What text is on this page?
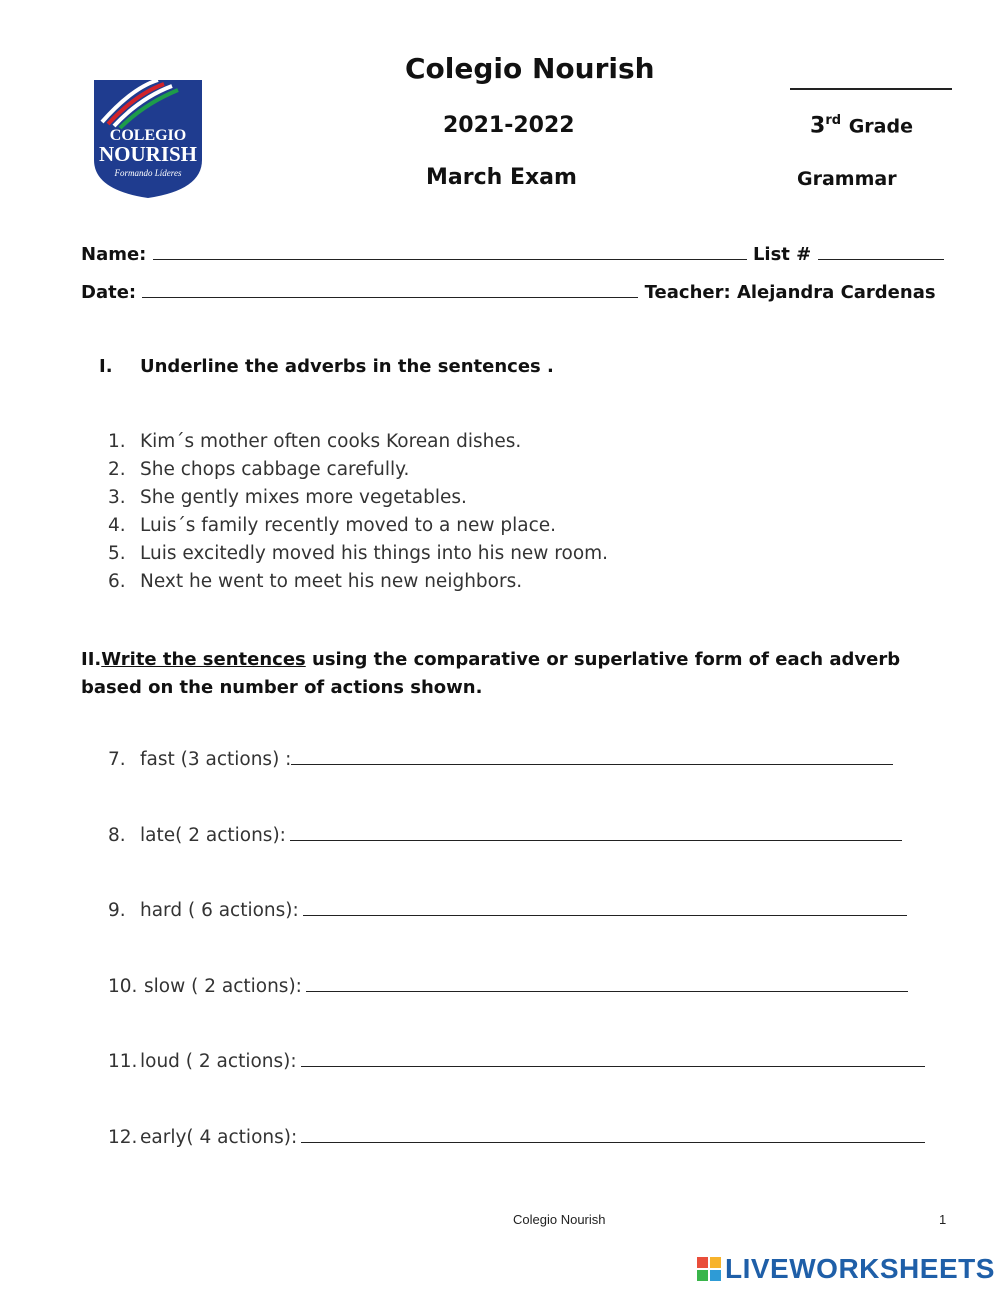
COLEGIO
NOURISH
Formando Líderes
Colegio Nourish
2021-2022
March Exam
3rd Grade
Grammar
Name:	List #
Date:	Teacher: Alejandra Cardenas
I. Underline the adverbs in the sentences .
1. Kim´s mother often cooks Korean dishes.
2. She chops cabbage carefully.
3. She gently mixes more vegetables.
4. Luis´s family recently moved to a new place.
5. Luis excitedly moved his things into his new room.
6. Next he went to meet his new neighbors.
II.Write the sentences using the comparative or superlative form of each adverb based on the number of actions shown.
7. fast (3 actions) :
8. late( 2 actions):
9. hard ( 6 actions):
10. slow ( 2 actions):
11. loud ( 2 actions):
12. early( 4 actions):
Colegio Nourish	1
LIVEWORKSHEETS
